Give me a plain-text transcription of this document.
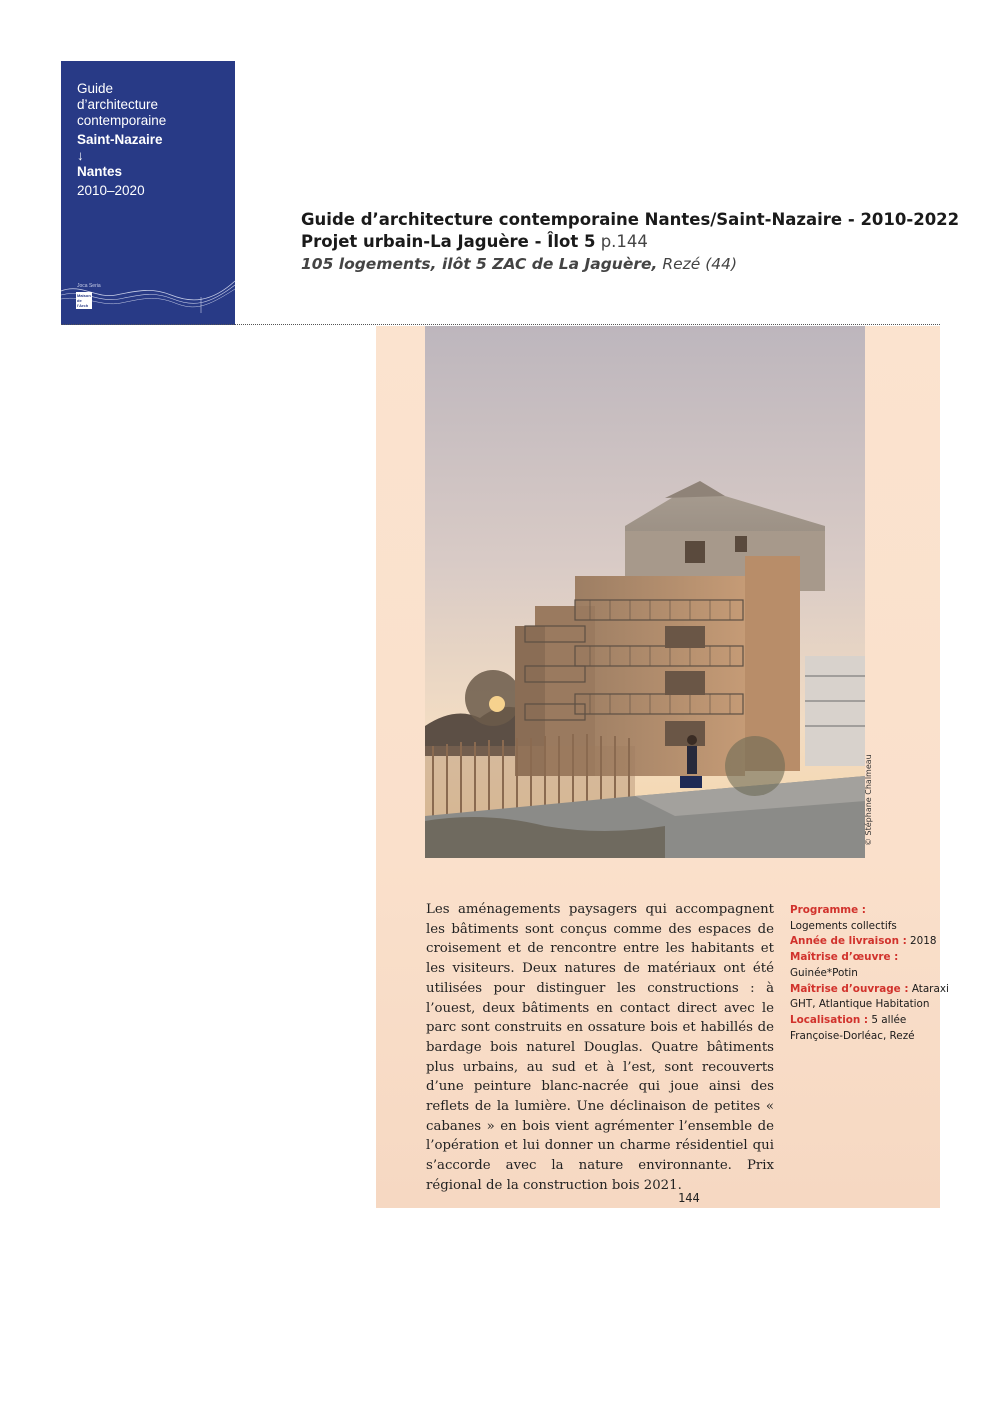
Guide
d’architecture
contemporaine
Saint-Nazaire
↓
Nantes
2010–2020
Joca Seria
Maison de l'Arch
Guide d’architecture contemporaine Nantes/Saint-Nazaire - 2010-2022
Projet urbain-La Jaguère - Îlot 5 p.144
105 logements, ilôt 5 ZAC de La Jaguère, Rezé (44)
© Stéphane Chalmeau
Les aménagements paysagers qui accompagnent les bâtiments sont conçus comme des espaces de croisement et de rencontre entre les habitants et les visiteurs. Deux natures de matériaux ont été utilisées pour distinguer les constructions : à l’ouest, deux bâtiments en contact direct avec le parc sont construits en ossature bois et habillés de bardage bois naturel Douglas. Quatre bâtiments plus urbains, au sud et à l’est, sont recouverts d’une peinture blanc-nacrée qui joue ainsi des reflets de la lumière. Une déclinaison de petites « cabanes » en bois vient agrémenter l’ensemble de l’opération et lui donner un charme résidentiel qui s’accorde avec la nature environnante. Prix régional de la construction bois 2021.
Programme :
Logements collectifs
Année de livraison : 2018
Maîtrise d’œuvre :
Guinée*Potin
Maîtrise d’ouvrage : Ataraxi
GHT, Atlantique Habitation
Localisation : 5 allée
Françoise-Dorléac, Rezé
144
